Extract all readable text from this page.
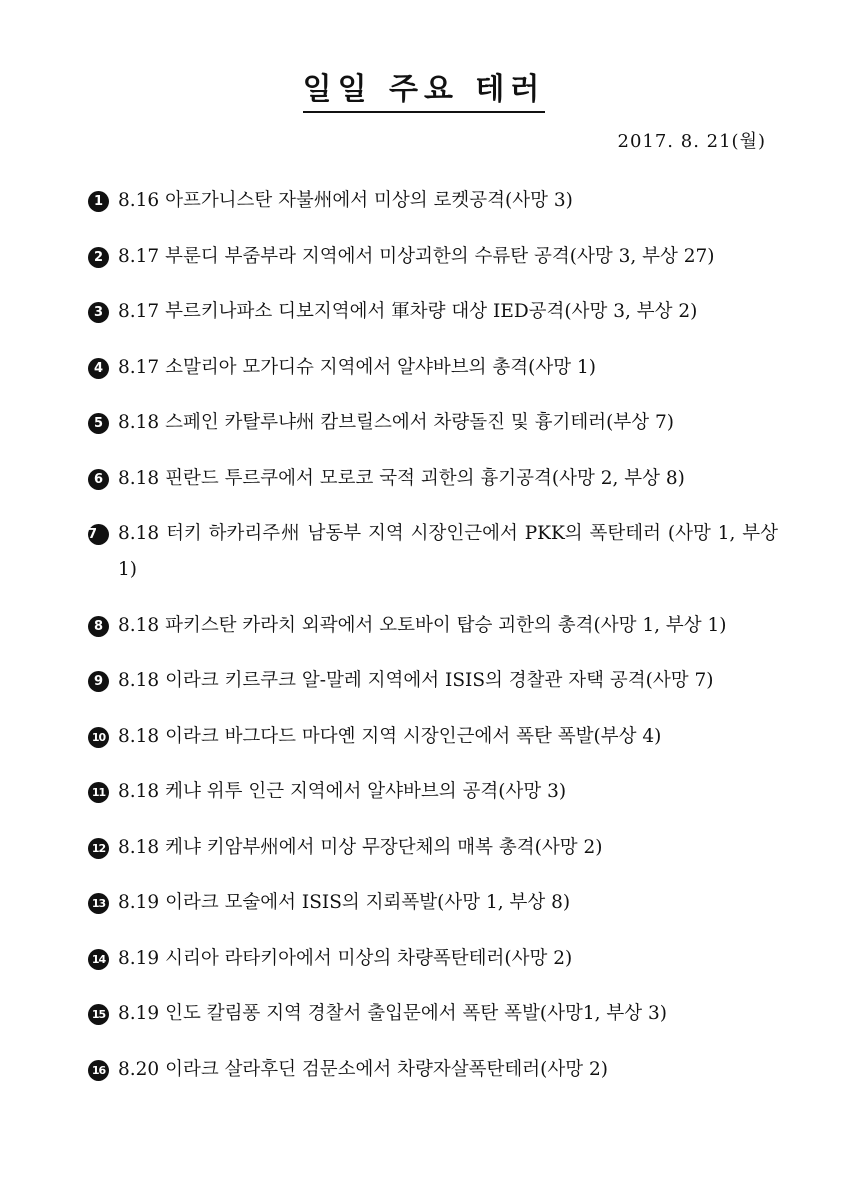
일일 주요 테러
2017. 8. 21(월)
1 8.16 아프가니스탄 자불州에서 미상의 로켓공격(사망 3)
2 8.17 부룬디 부줌부라 지역에서 미상괴한의 수류탄 공격(사망 3, 부상 27)
3 8.17 부르키나파소 디보지역에서 軍차량 대상 IED공격(사망 3, 부상 2)
4 8.17 소말리아 모가디슈 지역에서 알샤바브의 총격(사망 1)
5 8.18 스페인 카탈루냐州 캄브릴스에서 차량돌진 및 흉기테러(부상 7)
6 8.18 핀란드 투르쿠에서 모로코 국적 괴한의 흉기공격(사망 2, 부상 8)
7	8.18 터키 하카리주州 남동부 지역 시장인근에서 PKK의 폭탄테러 (사망 1, 부상 1)
8 8.18 파키스탄 카라치 외곽에서 오토바이 탑승 괴한의 총격(사망 1, 부상 1)
9 8.18 이라크 키르쿠크 알-말레 지역에서 ISIS의 경찰관 자택 공격(사망 7)
10 8.18 이라크 바그다드 마다옌 지역 시장인근에서 폭탄 폭발(부상 4)
11 8.18 케냐 위투 인근 지역에서 알샤바브의 공격(사망 3)
12 8.18 케냐 키암부州에서 미상 무장단체의 매복 총격(사망 2)
13 8.19 이라크 모술에서 ISIS의 지뢰폭발(사망 1, 부상 8)
14 8.19 시리아 라타키아에서 미상의 차량폭탄테러(사망 2)
15 8.19 인도 칼림퐁 지역 경찰서 출입문에서 폭탄 폭발(사망1, 부상 3)
16 8.20 이라크 살라후딘 검문소에서 차량자살폭탄테러(사망 2)
